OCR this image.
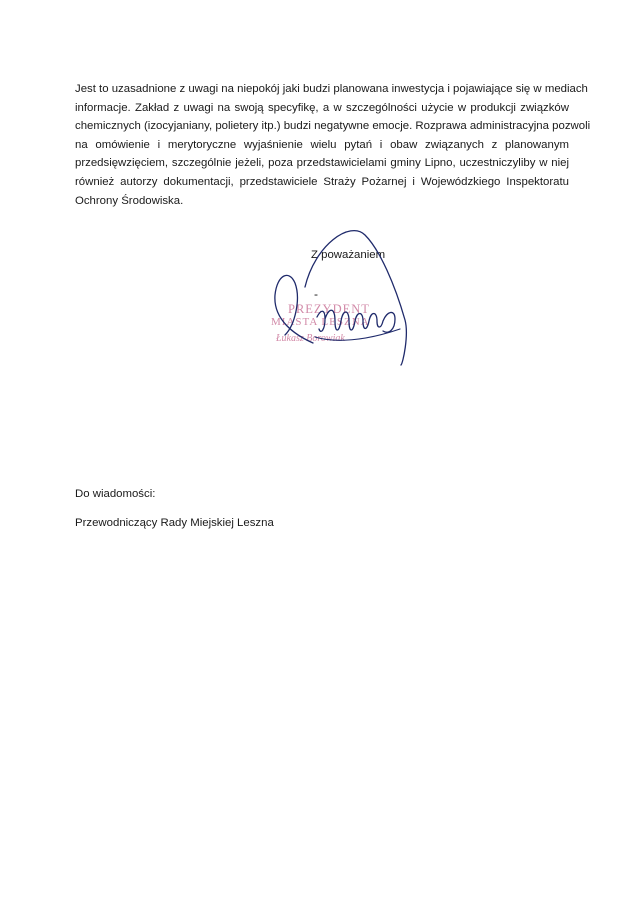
Jest to uzasadnione z uwagi na niepokój jaki budzi planowana inwestycja i pojawiające się w mediach
informacje. Zakład z uwagi na swoją specyfikę, a w szczególności użycie w produkcji związków
chemicznych (izocyjaniany, polietery itp.) budzi negatywne emocje. Rozprawa administracyjna pozwoli
na omówienie i merytoryczne wyjaśnienie wielu pytań i obaw związanych z planowanym
przedsięwzięciem, szczególnie jeżeli, poza przedstawicielami gminy Lipno, uczestniczyliby w niej
również autorzy dokumentacji, przedstawiciele Straży Pożarnej i Wojewódzkiego Inspektoratu
Ochrony Środowiska.
Z poważaniem
-
PREZYDENT
MIASTA LESZNA
Łukasz Borowiak
Do wiadomości:
Przewodniczący Rady Miejskiej Leszna
